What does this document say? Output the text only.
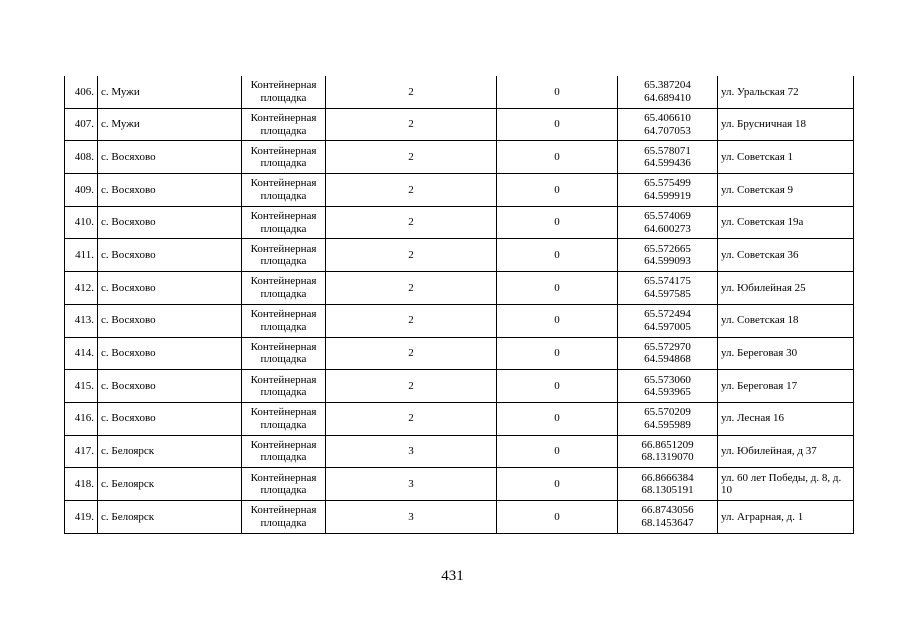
406.	с. Мужи	Контейнерная площадка	2	0	65.387204
64.689410	ул. Уральская 72
407.	с. Мужи	Контейнерная площадка	2	0	65.406610
64.707053	ул. Брусничная 18
408.	с. Восяхово	Контейнерная площадка	2	0	65.578071
64.599436	ул. Советская 1
409.	с. Восяхово	Контейнерная площадка	2	0	65.575499
64.599919	ул. Советская 9
410.	с. Восяхово	Контейнерная площадка	2	0	65.574069
64.600273	ул. Советская 19а
411.	с. Восяхово	Контейнерная площадка	2	0	65.572665
64.599093	ул. Советская 36
412.	с. Восяхово	Контейнерная площадка	2	0	65.574175
64.597585	ул. Юбилейная 25
413.	с. Восяхово	Контейнерная площадка	2	0	65.572494
64.597005	ул. Советская 18
414.	с. Восяхово	Контейнерная площадка	2	0	65.572970
64.594868	ул. Береговая 30
415.	с. Восяхово	Контейнерная площадка	2	0	65.573060
64.593965	ул. Береговая 17
416.	с. Восяхово	Контейнерная площадка	2	0	65.570209
64.595989	ул. Лесная 16
417.	с. Белоярск	Контейнерная площадка	3	0	66.8651209
68.1319070	ул. Юбилейная, д 37
418.	с. Белоярск	Контейнерная площадка	3	0	66.8666384
68.1305191	ул. 60 лет Победы, д. 8, д. 10
419.	с. Белоярск	Контейнерная площадка	3	0	66.8743056
68.1453647	ул. Аграрная, д. 1
431
